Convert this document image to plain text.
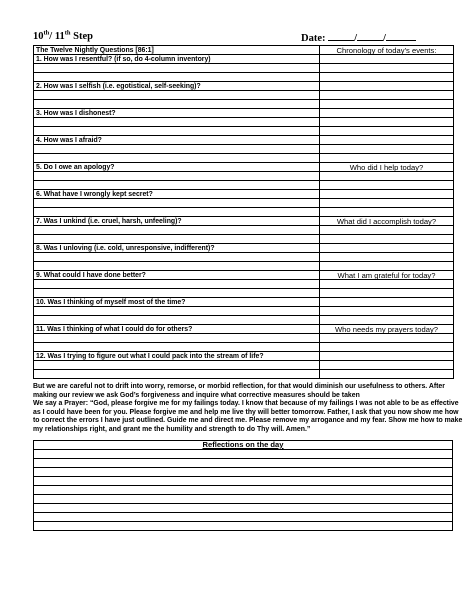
10th/ 11th Step	Date:	/ /
The Twelve Nightly Questions [86:1]	Chronology of today’s events:
1. How was I resentful? (if so, do 4-column inventory)	

2. How was I selfish (i.e. egotistical, self-seeking)?	

3. How was I dishonest?	

4. How was I afraid?	

5. Do I owe an apology?	Who did I help today?

6. What have I wrongly kept secret?	

7. Was I unkind (i.e. cruel, harsh, unfeeling)?	What did I accomplish today?

8. Was I unloving (i.e. cold, unresponsive, indifferent)?	

9. What could I have done better?	What I am grateful for today?

10. Was I thinking of myself most of the time?	

11. Was I thinking of what I could do for others?	Who needs my prayers today?

12. Was I trying to figure out what I could pack into the stream of life?	

But we are careful not to drift into worry, remorse, or morbid reflection, for that would diminish our usefulness to others. After making our review we ask God’s forgiveness and inquire what corrective measures should be taken

We say a Prayer: “God, please forgive me for my failings today. I know that because of my failings I was not able to be as effective as I could have been for you. Please forgive me and help me live thy will better tomorrow. Father, I ask that you now show me how to correct the errors I have just outlined. Guide me and direct me. Please remove my arrogance and my fear. Show me how to make my relationships right, and grant me the humility and strength to do Thy will. Amen.”

Reflections on the day
